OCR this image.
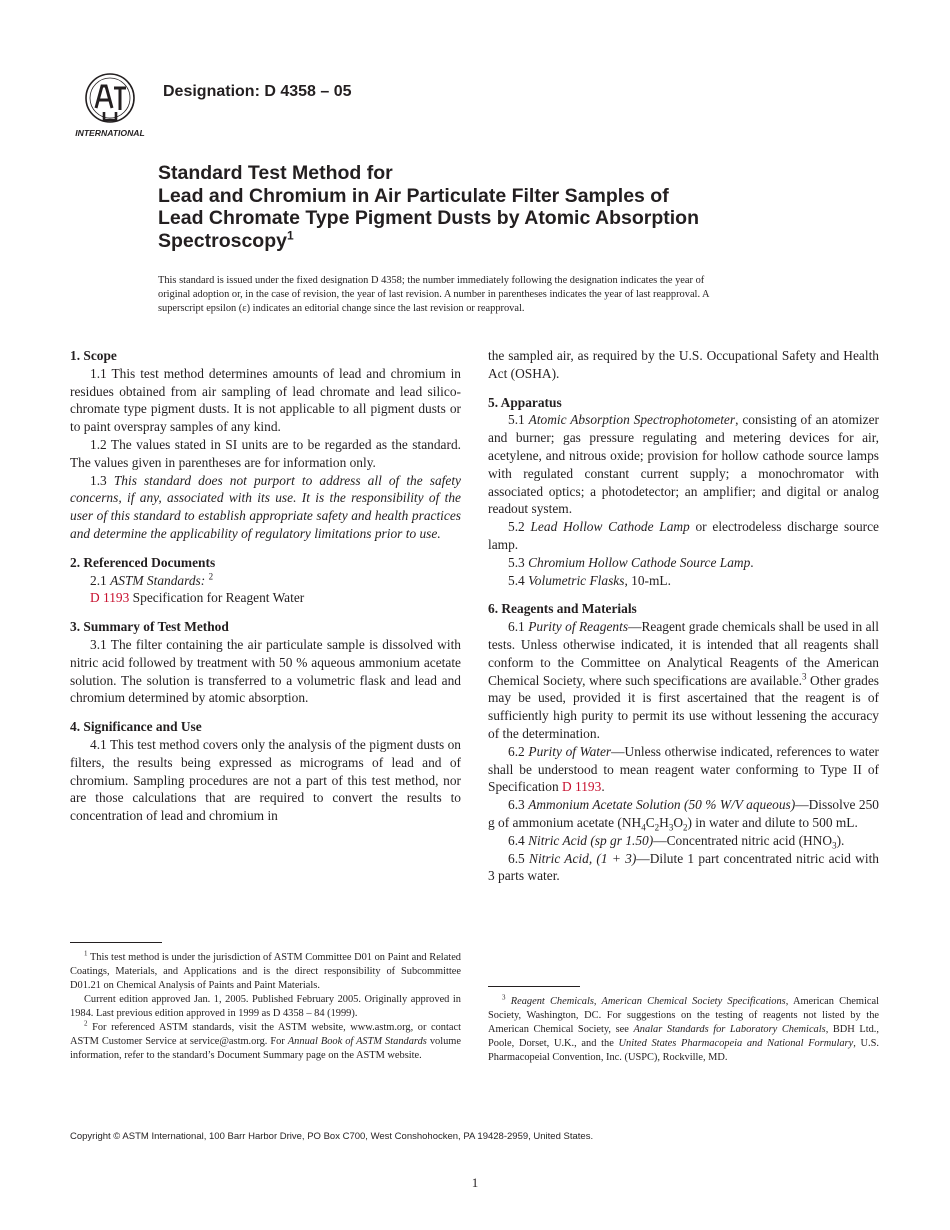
INTERNATIONAL
Designation: D 4358 – 05
Standard Test Method for
Lead and Chromium in Air Particulate Filter Samples of
Lead Chromate Type Pigment Dusts by Atomic Absorption
Spectroscopy$^1$
This standard is issued under the fixed designation D 4358; the number immediately following the designation indicates the year of
original adoption or, in the case of revision, the year of last revision. A number in parentheses indicates the year of last reapproval. A
superscript epsilon (ε) indicates an editorial change since the last revision or reapproval.
1. Scope

1.1 This test method determines amounts of lead and chromium in residues obtained from air sampling of lead chromate and lead silico-chromate type pigment dusts. It is not applicable to all pigment dusts or to paint overspray samples of any kind.

1.2 The values stated in SI units are to be regarded as the standard. The values given in parentheses are for information only.

1.3 This standard does not purport to address all of the safety concerns, if any, associated with its use. It is the responsibility of the user of this standard to establish appropriate safety and health practices and determine the applicability of regulatory limitations prior to use.

2. Referenced Documents

2.1 ASTM Standards: $^2$

D 1193 Specification for Reagent Water

3. Summary of Test Method

3.1 The filter containing the air particulate sample is dissolved with nitric acid followed by treatment with 50 % aqueous ammonium acetate solution. The solution is transferred to a volumetric flask and lead and chromium determined by atomic absorption.

4. Significance and Use

4.1 This test method covers only the analysis of the pigment dusts on filters, the results being expressed as micrograms of lead and of chromium. Sampling procedures are not a part of this test method, nor are those calculations that are required to convert the results to concentration of lead and chromium in

the sampled air, as required by the U.S. Occupational Safety and Health Act (OSHA).

5. Apparatus

5.1 Atomic Absorption Spectrophotometer, consisting of an atomizer and burner; gas pressure regulating and metering devices for air, acetylene, and nitrous oxide; provision for hollow cathode source lamps with regulated constant current supply; a monochromator with associated optics; a photodetector; an amplifier; and digital or analog readout system.

5.2 Lead Hollow Cathode Lamp or electrodeless discharge source lamp.

5.3 Chromium Hollow Cathode Source Lamp.

5.4 Volumetric Flasks, 10-mL.

6. Reagents and Materials

6.1 Purity of Reagents—Reagent grade chemicals shall be used in all tests. Unless otherwise indicated, it is intended that all reagents shall conform to the Committee on Analytical Reagents of the American Chemical Society, where such specifications are available.$^3$ Other grades may be used, provided it is first ascertained that the reagent is of sufficiently high purity to permit its use without lessening the accuracy of the determination.

6.2 Purity of Water—Unless otherwise indicated, references to water shall be understood to mean reagent water conforming to Type II of Specification D 1193.

6.3 Ammonium Acetate Solution (50 % W/V aqueous)—Dissolve 250 g of ammonium acetate $(NH_4C_2H_3O_2)$ in water and dilute to 500 mL.

6.4 Nitric Acid (sp gr 1.50)—Concentrated nitric acid $(HNO_3)$.

6.5 Nitric Acid, (1 + 3)—Dilute 1 part concentrated nitric acid with 3 parts water.

$^1$ This test method is under the jurisdiction of ASTM Committee D01 on Paint and Related Coatings, Materials, and Applications and is the direct responsibility of Subcommittee D01.21 on Chemical Analysis of Paints and Paint Materials.

Current edition approved Jan. 1, 2005. Published February 2005. Originally approved in 1984. Last previous edition approved in 1999 as D 4358 – 84 (1999).

$^2$ For referenced ASTM standards, visit the ASTM website, www.astm.org, or contact ASTM Customer Service at service@astm.org. For Annual Book of ASTM Standards volume information, refer to the standard’s Document Summary page on the ASTM website.

$^3$ Reagent Chemicals, American Chemical Society Specifications, American Chemical Society, Washington, DC. For suggestions on the testing of reagents not listed by the American Chemical Society, see Analar Standards for Laboratory Chemicals, BDH Ltd., Poole, Dorset, U.K., and the United States Pharmacopeia and National Formulary, U.S. Pharmacopeial Convention, Inc. (USPC), Rockville, MD.

Copyright © ASTM International, 100 Barr Harbor Drive, PO Box C700, West Conshohocken, PA 19428-2959, United States.
1
